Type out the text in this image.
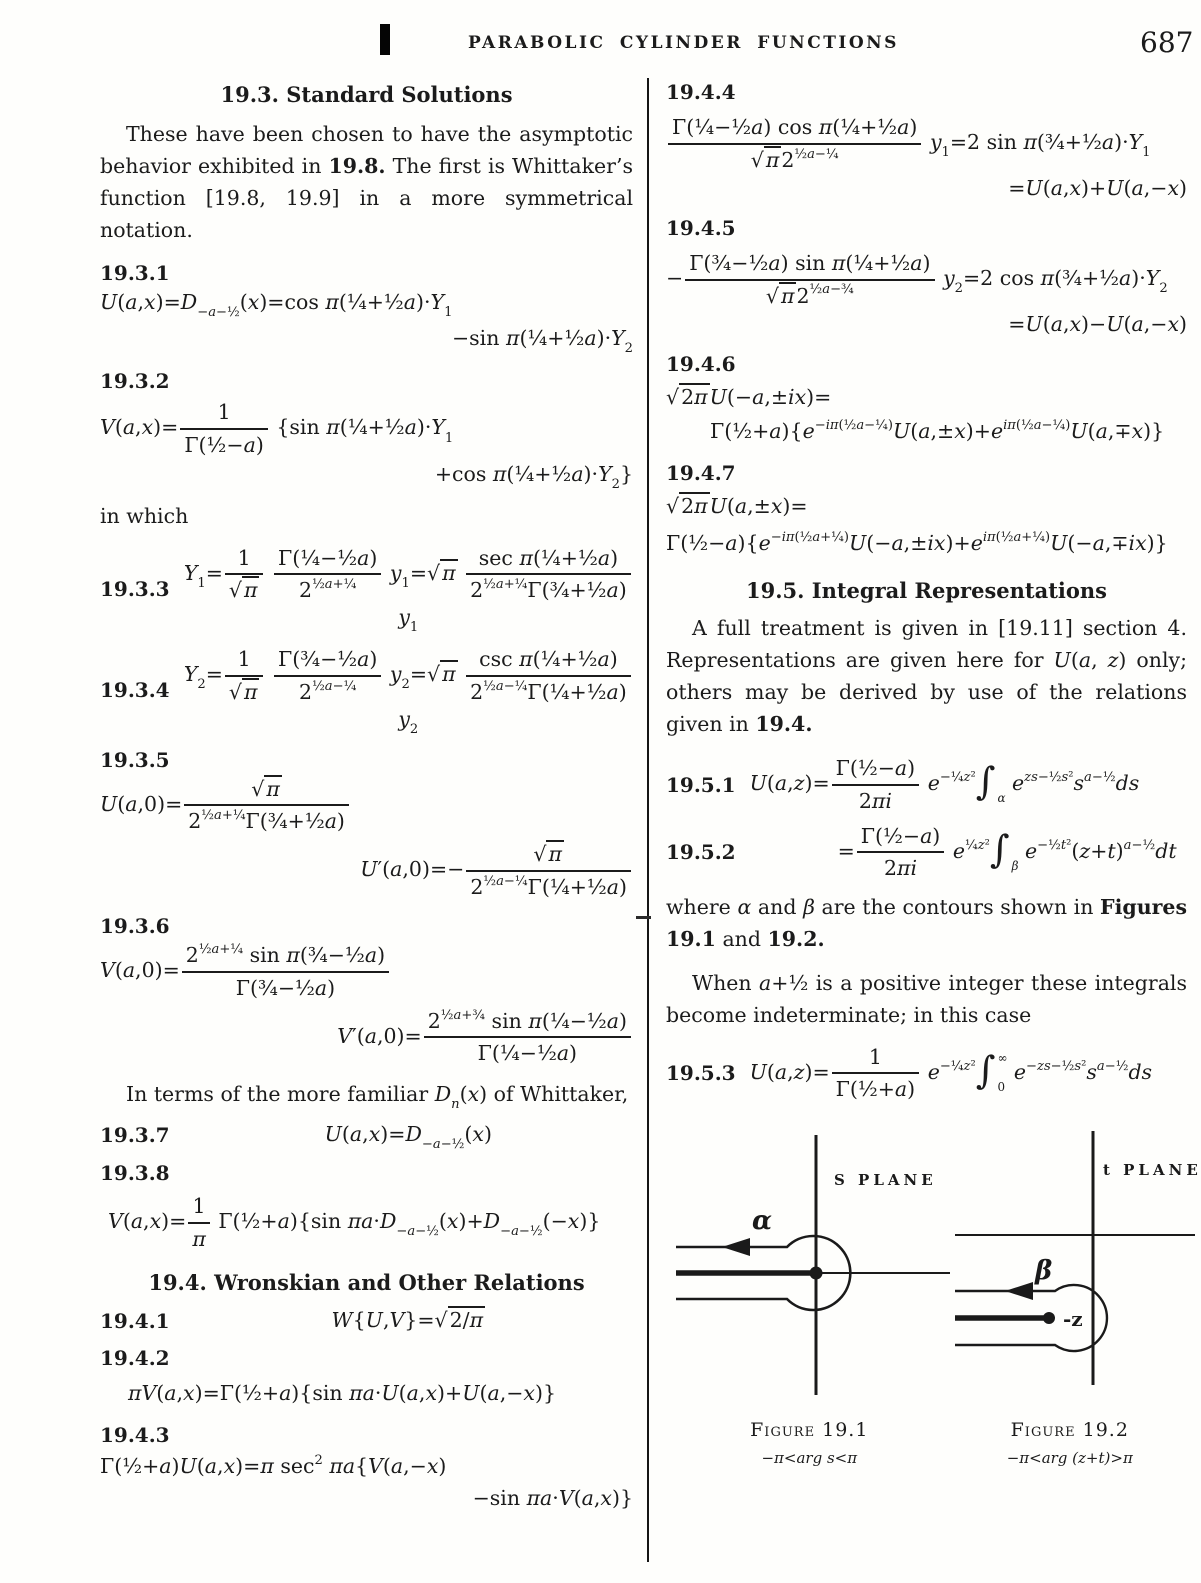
PARABOLIC CYLINDER FUNCTIONS	687
19.3. Standard Solutions

These have been chosen to have the asymptotic behavior exhibited in 19.8. The first is Whittaker’s function [19.8, 19.9] in a more symmetrical notation.

19.3.1
$U(a,x)=D_{-a-\frac{1}{2}}(x)=\cos$ $\pi(\frac{1}{4}+\frac{1}{2}a)\cdot Y_1$
−sin $\pi(\frac{1}{4}+\frac{1}{2}a)\cdot Y_2$
19.3.2
$V(a,x)= \frac{1}{\text{Γ(½−a)}} \{\sin$ $\pi(\frac{1}{4}+\frac{1}{2}a)\cdot Y_1$
+cos $\pi(\frac{1}{4}+\frac{1}{2}a)\cdot Y_2$}

in which

19.3.3
$Y_1= \frac{1}{√\pi}$
$\frac{\text{Γ(¼−½a)}}{2^{\frac{1}{2}a+\frac{1}{4}}} y_1=√\pi$
sec π(¼+½a)
$2^{\frac{1}{2}a+\frac{1}{4}}\Gamma(\frac{3}{4}+\frac{1}{2}a)$
$y_1$
19.3.4
$Y_2= \frac{1}{√\pi}$
$\frac{\text{Γ(¾−½a)}}{2^{\frac{1}{2}a-\frac{1}{4}}} y_2=√\pi$
csc π(¼+½a)
$2^{\frac{1}{2}a-\frac{1}{4}}\Gamma(\frac{1}{4}+\frac{1}{2}a)$
$y_2$
19.3.5
$U(a,0)= \frac{√\pi}{2^{\frac{1}{2}a+\frac{1}{4}}\Gamma(\frac{3}{4}+\frac{1}{2}a)}$
$U'(a,0)=- \frac{√\pi}{2^{\frac{1}{2}a-\frac{1}{4}}\Gamma(\frac{1}{4}+\frac{1}{2}a)}$
19.3.6
$V(a,0)= \frac{2^{\frac{1}{2}a+\frac{1}{4}} \sin \pi(\frac{3}{4}-\frac{1}{2}a)}{\text{Γ(¾−½a)}}$
$V'(a,0)= \frac{2^{\frac{1}{2}a+\frac{3}{4}} \sin \pi(\frac{1}{4}-\frac{1}{2}a)}{\text{Γ(¼−½a)}}$

In terms of the more familiar $D_n(x)$ of Whittaker,

19.3.7	$U(a,x)=D_{-a-\frac{1}{2}}(x)$
19.3.8
$V(a,x)= \frac{1}{\pi}$ Γ(½+a){sin $\pi a\cdot D_{-a-\frac{1}{2}}(x)+D_{-a-\frac{1}{2}}(-x)$}
19.4. Wronskian and Other Relations
19.4.1	W{U,V}=√2/π
19.4.2
πV(a,x)=Γ(½+a){sin πa·U(a,x)+U(a,−x)}
19.4.3
Γ(½+a)U(a,x)=π $\sec^2 \pi a\{V(a,-x)$
−sin πa·V(a,x)}
19.4.4
$\frac{\text{Γ(¼−½a) cos π(¼+½a)}}{√\pi 2^{\frac{1}{2}a-\frac{1}{4}}} y_1=2$ $\sin \pi(\frac{3}{4}+\frac{1}{2}a)\cdot Y_1$
=U(a,x)+U(a,−x)
19.4.5
− $\frac{\text{Γ(¾−½a) sin π(¼+½a)}}{√\pi 2^{\frac{1}{2}a-\frac{3}{4}}} y_2=2$ $\cos \pi(\frac{3}{4}+\frac{1}{2}a)\cdot Y_2$
=U(a,x)−U(a,−x)
19.4.6
√2πU(−a,±ix)=
$\Gamma(\frac{1}{2}+a)\{e^{-i\pi(\frac{1}{2}a-\frac{1}{4})}U(a,\pm x)+e^{i\pi(\frac{1}{2}a-\frac{1}{4})}U(a,\mp x)\}$
19.4.7
√2πU(a,±x)=
$\Gamma(\frac{1}{2}-a)\{e^{-i\pi(\frac{1}{2}a+\frac{1}{4})}U(-a,\pm ix)+e^{i\pi(\frac{1}{2}a+\frac{1}{4})}U(-a,\mp ix)\}$
19.5. Integral Representations

A full treatment is given in [19.11] section 4. Representations are given here for U(a, z) only; others may be derived by use of the relations given in 19.4.

19.5.1 $U(a,z)= \frac{\text{Γ(½−a)}}{2\pi i} e^{-\frac{1}{4}z^2}\int$ α
$e^{zs-\frac{1}{2}s^2}s^{a-\frac{1}{2}}ds$
19.5.2	= $\frac{\text{Γ(½−a)}}{2\pi i} e^{\frac{1}{4}z^2}\int$ β
$e^{-\frac{1}{2}t^2}(z+t)^{a-\frac{1}{2}}dt$

where α and β are the contours shown in Figures 19.1 and 19.2.

When a+½ is a positive integer these integrals become indeterminate; in this case

19.5.3 $U(a,z)= \frac{1}{\text{Γ(½+a)}} e^{-\frac{1}{4}z^2}\int$ ∞
0
$e^{-zs-\frac{1}{2}s^2}s^{a-\frac{1}{2}}ds$
S PLANE
α
Figure 19.1
−π<arg s<π
t PLANE
-z
β
Figure 19.2
−π<arg (z+t)>π
